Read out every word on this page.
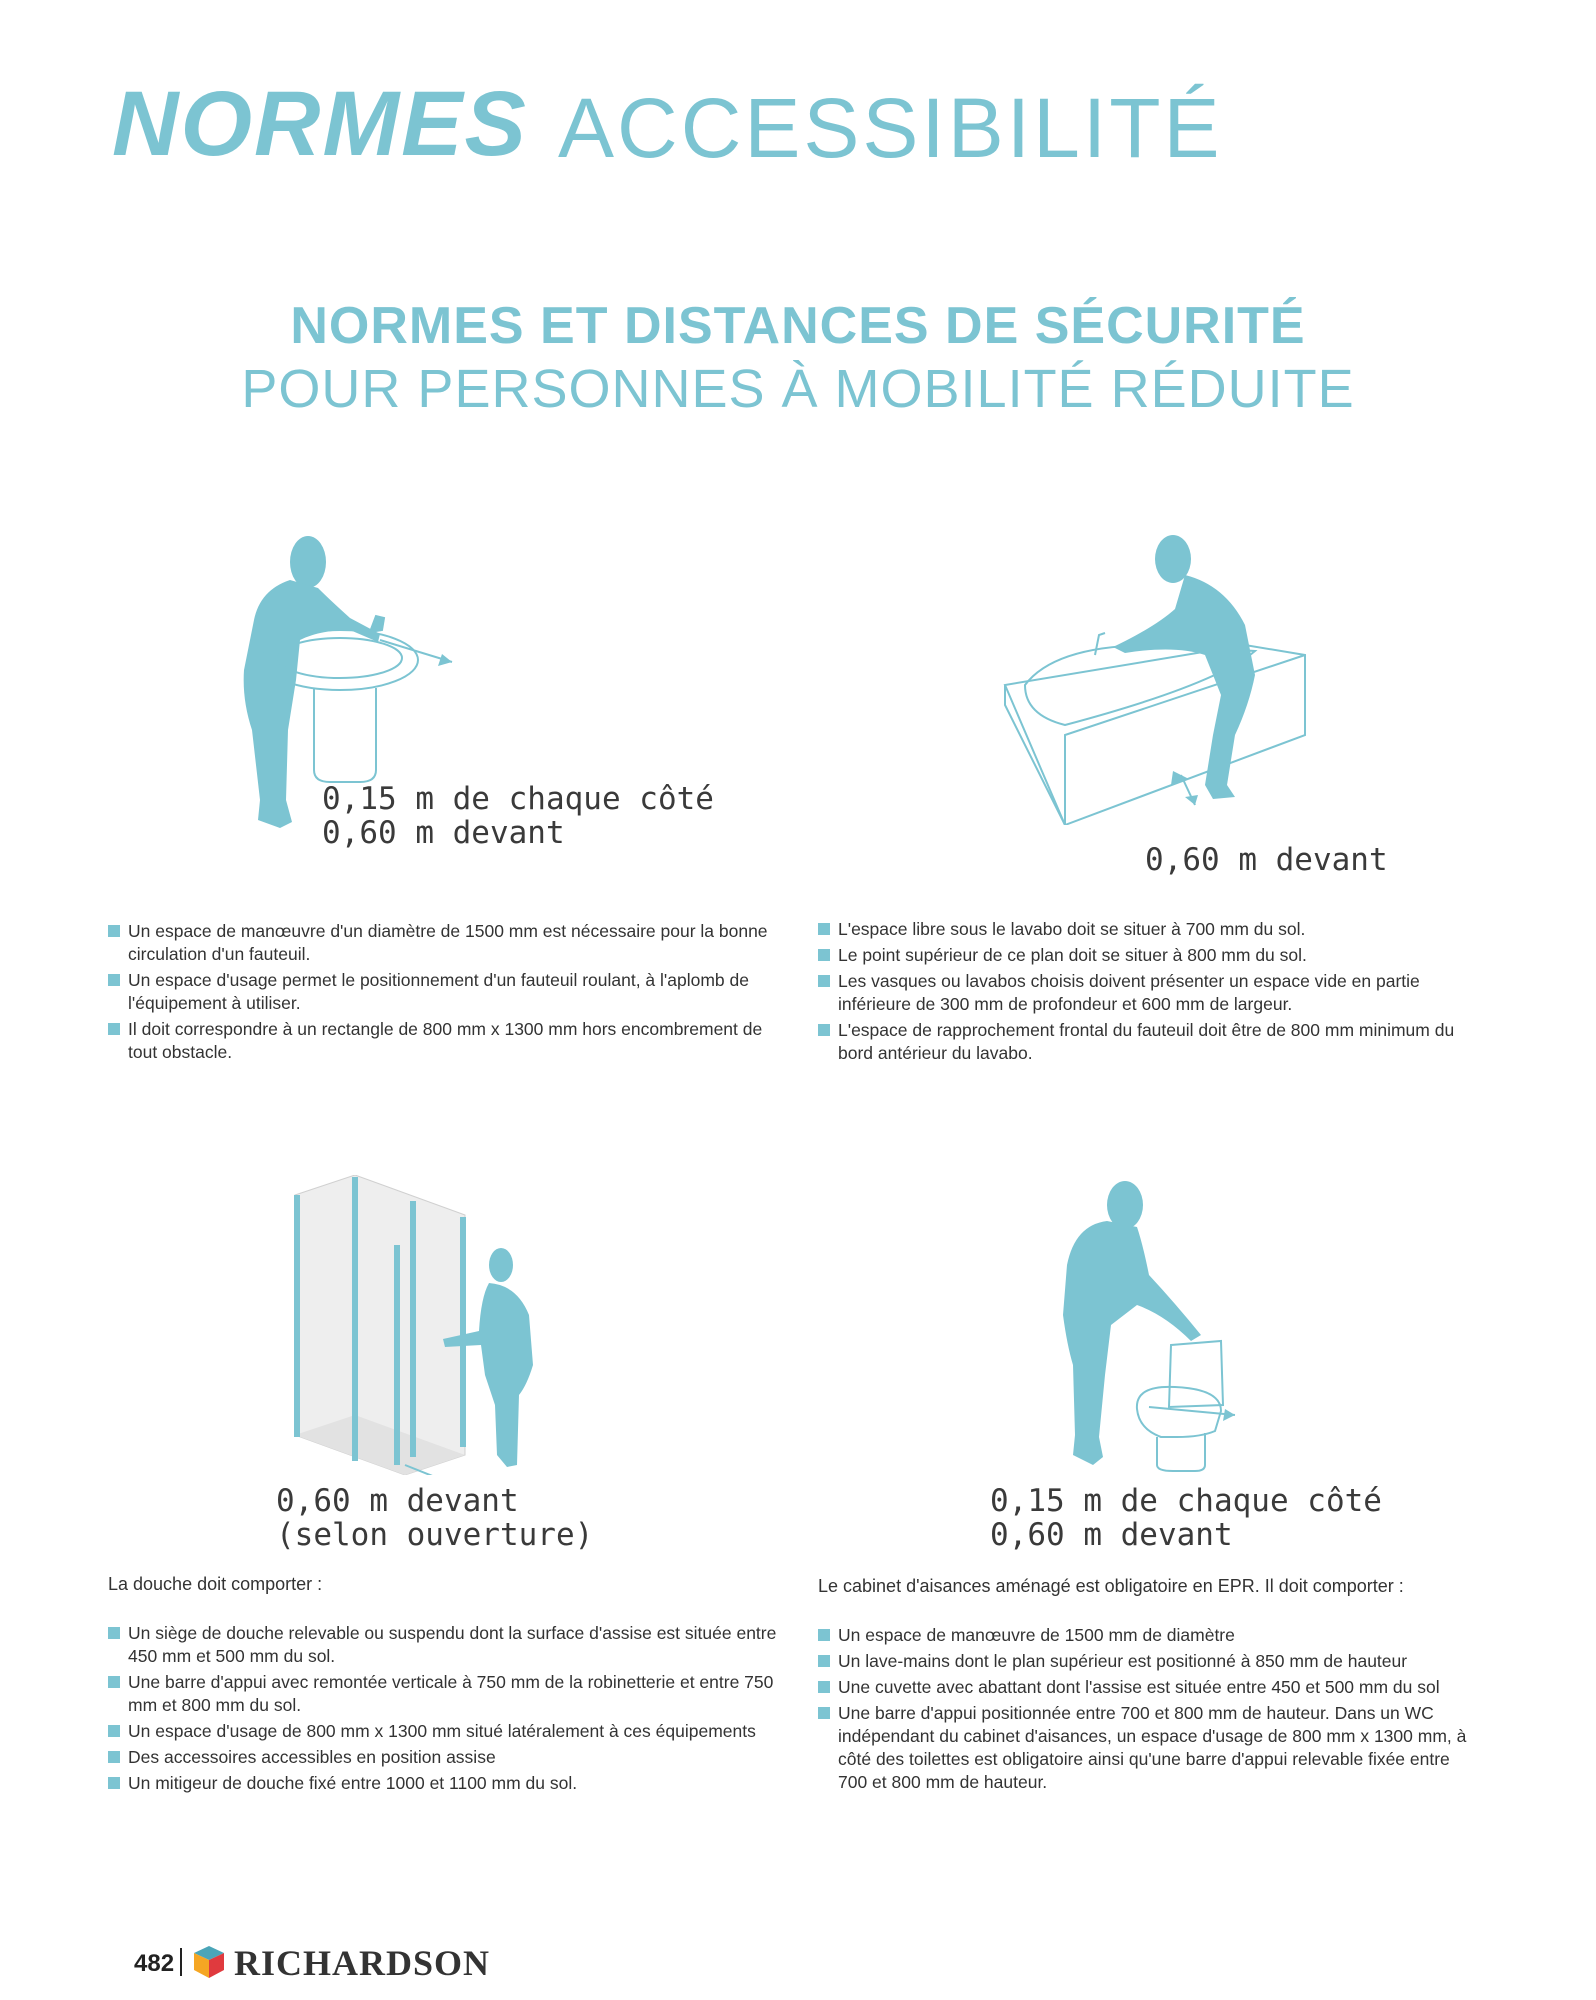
NORMES ACCESSIBILITÉ
NORMES ET DISTANCES DE SÉCURITÉ
POUR PERSONNES À MOBILITÉ RÉDUITE
0,15 m de chaque côté
0,60 m devant
0,60 m devant
Un espace de manœuvre d'un diamètre de 1500 mm est nécessaire pour la bonne circulation d'un fauteuil.
Un espace d'usage permet le positionnement d'un fauteuil roulant, à l'aplomb de l'équipement à utiliser.
Il doit correspondre à un rectangle de 800 mm x 1300 mm hors encombrement de tout obstacle.
L'espace libre sous le lavabo doit se situer à 700 mm du sol.
Le point supérieur de ce plan doit se situer à 800 mm du sol.
Les vasques ou lavabos choisis doivent présenter un espace vide en partie inférieure de 300 mm de profondeur et 600 mm de largeur.
L'espace de rapprochement frontal du fauteuil doit être de 800 mm minimum du bord antérieur du lavabo.
0,60 m devant
(selon ouverture)
0,15 m de chaque côté
0,60 m devant
La douche doit comporter :	Le cabinet d'aisances aménagé est obligatoire en EPR. Il doit comporter :
Un siège de douche relevable ou suspendu dont la surface d'assise est située entre 450 mm et 500 mm du sol.
Une barre d'appui avec remontée verticale à 750 mm de la robinetterie et entre 750 mm et 800 mm du sol.
Un espace d'usage de 800 mm x 1300 mm situé latéralement à ces équipements
Des accessoires accessibles en position assise
Un mitigeur de douche fixé entre 1000 et 1100 mm du sol.
Un espace de manœuvre de 1500 mm de diamètre
Un lave-mains dont le plan supérieur est positionné à 850 mm de hauteur
Une cuvette avec abattant dont l'assise est située entre 450 et 500 mm du sol
Une barre d'appui positionnée entre 700 et 800 mm de hauteur. Dans un WC indépendant du cabinet d'aisances, un espace d'usage de 800 mm x 1300 mm, à côté des toilettes est obligatoire ainsi qu'une barre d'appui relevable fixée entre 700 et 800 mm de hauteur.
482 RICHARDSON
